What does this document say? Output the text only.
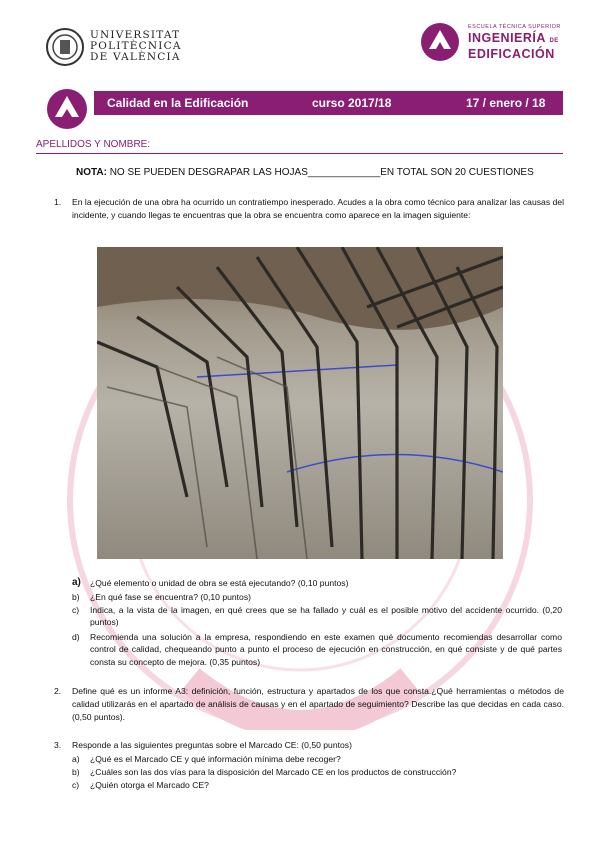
UNIVERSITAT
POLITÈCNICA
DE VALÈNCIA
ESCUELA TÉCNICA SUPERIOR
INGENIERÍA DE
EDIFICACIÓN
Calidad en la Edificación	curso 2017/18	17 / enero / 18
APELLIDOS Y NOMBRE:
NOTA: NO SE PUEDEN DESGRAPAR LAS HOJAS_____________EN TOTAL SON 20 CUESTIONES
1. En la ejecución de una obra ha ocurrido un contratiempo inesperado. Acudes a la obra como técnico para analizar las causas del incidente, y cuando llegas te encuentras que la obra se encuentra como aparece en la imagen siguiente:
a) ¿Qué elemento o unidad de obra se está ejecutando? (0,10 puntos)
b) ¿En qué fase se encuentra? (0,10 puntos)
c) Indica, a la vista de la imagen, en qué crees que se ha fallado y cuál es el posible motivo del accidente ocurrido. (0,20 puntos)
d) Recomienda una solución a la empresa, respondiendo en este examen qué documento recomiendas desarrollar como control de calidad, chequeando punto a punto el proceso de ejecución en construcción, en qué consiste y de qué partes consta su concepto de mejora. (0,35 puntos)
2. Define qué es un informe A3: definición, función, estructura y apartados de los que consta.¿Qué herramientas o métodos de calidad utilizarás en el apartado de análisis de causas y en el apartado de seguimiento? Describe las que decidas en cada caso. (0,50 puntos).
3. Responde a las siguientes preguntas sobre el Marcado CE: (0,50 puntos)
a) ¿Qué es el Marcado CE y qué información mínima debe recoger?
b) ¿Cuáles son las dos vías para la disposición del Marcado CE en los productos de construcción?
c) ¿Quién otorga el Marcado CE?
